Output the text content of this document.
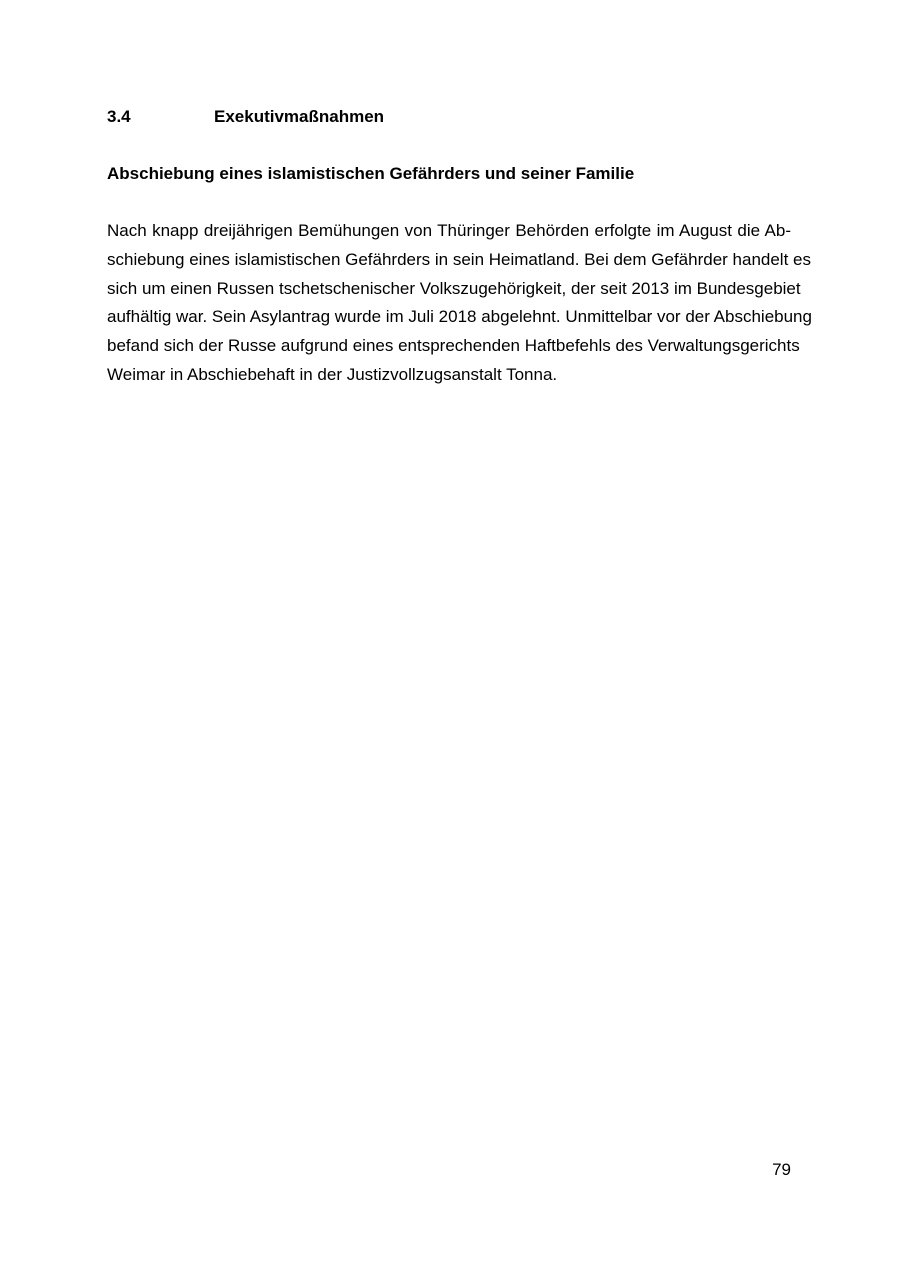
3.4	Exekutivmaßnahmen
Abschiebung eines islamistischen Gefährders und seiner Familie

Nach knapp dreijährigen Bemühungen von Thüringer Behörden erfolgte im August die Ab-
schiebung eines islamistischen Gefährders in sein Heimatland. Bei dem Gefährder handelt es
sich um einen Russen tschetschenischer Volkszugehörigkeit, der seit 2013 im Bundesgebiet
aufhältig war. Sein Asylantrag wurde im Juli 2018 abgelehnt. Unmittelbar vor der Abschiebung
befand sich der Russe aufgrund eines entsprechenden Haftbefehls des Verwaltungsgerichts
Weimar in Abschiebehaft in der Justizvollzugsanstalt Tonna.

79
